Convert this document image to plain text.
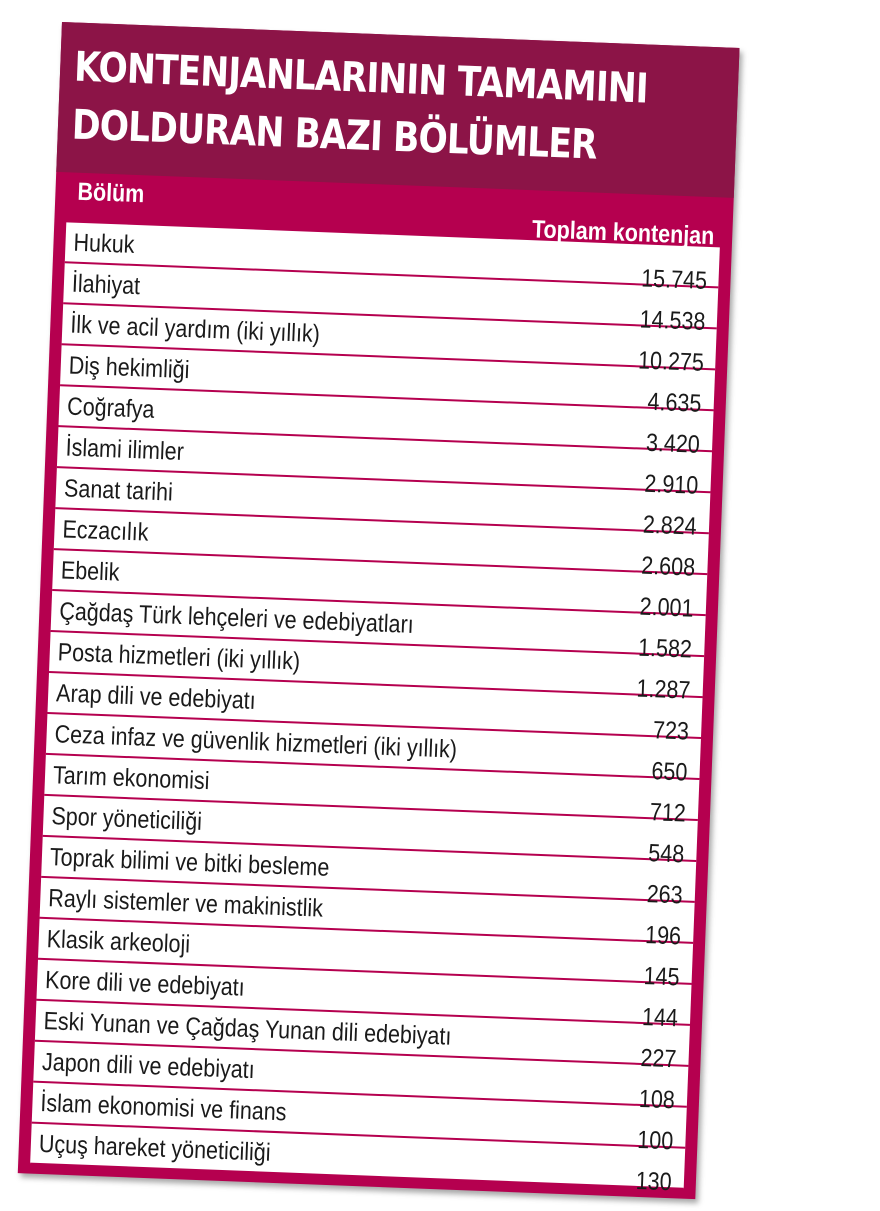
KONTENJANLARININ TAMAMINI
DOLDURAN BAZI BÖLÜMLER
Bölüm
Toplam kontenjan
Hukuk
15.745
İlahiyat
14.538
İlk ve acil yardım (iki yıllık)
10.275
Diş hekimliği
4.635
Coğrafya
3.420
İslami ilimler
2.910
Sanat tarihi
2.824
Eczacılık
2.608
Ebelik
2.001
Çağdaş Türk lehçeleri ve edebiyatları
1.582
Posta hizmetleri (iki yıllık)
1.287
Arap dili ve edebiyatı
723
Ceza infaz ve güvenlik hizmetleri (iki yıllık)
650
Tarım ekonomisi
712
Spor yöneticiliği
548
Toprak bilimi ve bitki besleme
263
Raylı sistemler ve makinistlik
196
Klasik arkeoloji
145
Kore dili ve edebiyatı
144
Eski Yunan ve Çağdaş Yunan dili edebiyatı
227
Japon dili ve edebiyatı
108
İslam ekonomisi ve finans
100
Uçuş hareket yöneticiliği
130
